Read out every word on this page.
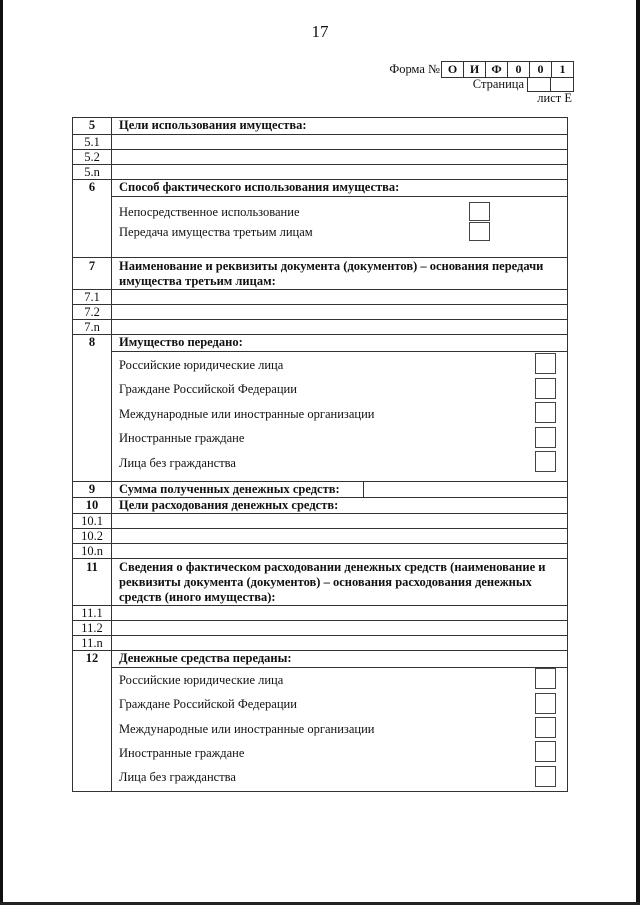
17
Форма № О	И	Ф	0	0	1
Страница
лист Е
5	Цели использования имущества:
5.1
5.2
5.n
6	Способ фактического использования имущества:
Непосредственное использование
Передача имущества третьим лицам
7	Наименование и реквизиты документа (документов) – основания передачи имущества третьим лицам:
7.1
7.2
7.n
8	Имущество передано:
Российские юридические лица
Граждане Российской Федерации
Международные или иностранные организации
Иностранные граждане
Лица без гражданства
9	Сумма полученных денежных средств:
10	Цели расходования денежных средств:
10.1
10.2
10.n
11	Сведения о фактическом расходовании денежных средств (наименование и реквизиты документа (документов) – основания расходования денежных средств (иного имущества):
11.1
11.2
11.n
12	Денежные средства переданы:
Российские юридические лица
Граждане Российской Федерации
Международные или иностранные организации
Иностранные граждане
Лица без гражданства
